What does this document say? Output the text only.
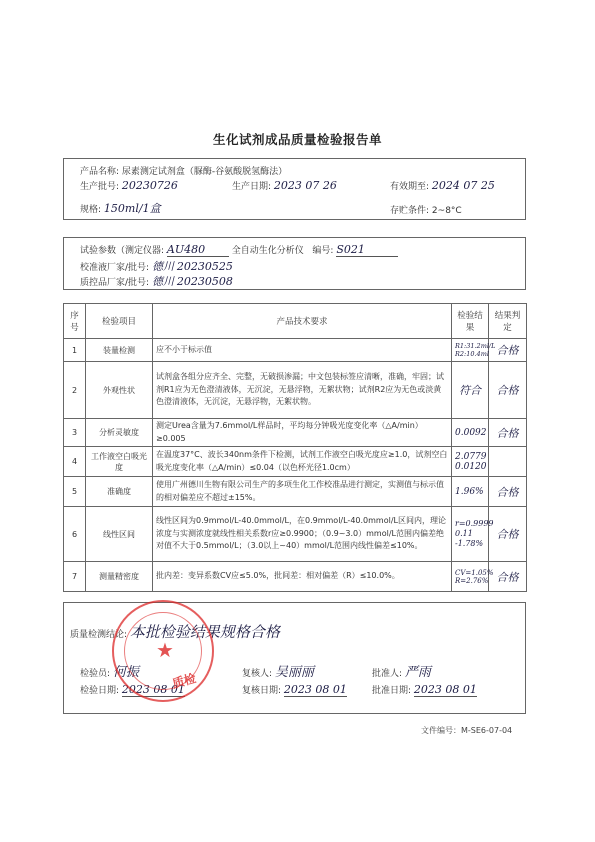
生化试剂成品质量检验报告单
产品名称: 尿素测定试剂盒（脲酶-谷氨酸脱氢酶法）
生产批号: 20230726	生产日期: 2023 07 26	有效期至: 2024 07 25
规格: 150ml/1盒	存贮条件: 2~8°C
试验参数（测定仪器: AU480	全自动生化分析仪 编号: S021
校准液厂家/批号: 德川 20230525
质控品厂家/批号: 德川 20230508
序号	检验项目	产品技术要求	检验结果	结果判定
1	装量检测	应不小于标示值	R1:31.2ml/L R2:10.4ml	合格
2	外观性状	试剂盒各组分应齐全、完整，无破损渗漏；中文包装标签应清晰，准确，牢固；试剂R1应为无色澄清液体，无沉淀，无悬浮物，无絮状物；试剂R2应为无色或淡黄色澄清液体，无沉淀，无悬浮物，无絮状物。	符合	合格
3	分析灵敏度	测定Urea含量为7.6mmol/L样品时，平均每分钟吸光度变化率（△A/min）≥0.005	0.0092	合格
4	工作液空白吸光度	在温度37°C、波长340nm条件下检测，试剂工作液空白吸光度应≥1.0，试剂空白吸光度变化率（△A/min）≤0.04（以色杯光径1.0cm）	2.0779 0.0120	
5	准确度	使用广州德川生物有限公司生产的多项生化工作校准品进行测定，实测值与标示值的相对偏差应不超过±15%。	1.96%	合格
6	线性区间	线性区间为0.9mmol/L-40.0mmol/L，在0.9mmol/L-40.0mmol/L区间内，理论浓度与实测浓度就线性相关系数r应≥0.9900；（0.9~3.0）mmol/L范围内偏差绝对值不大于0.5mmol/L；（3.0以上~40）mmol/L范围内线性偏差≤10%。	r=0.9999 0.11 -1.78%	合格
7	测量精密度	批内差：变异系数CV应≤5.0%，批间差：相对偏差（R）≤10.0%。	CV=1.05% R=2.76%	合格
质量检测结论: 本批检验结果规格合格
检验员: 何振	复核人: 吴丽丽	批准人: 严雨
检验日期: 2023 08 01	复核日期: 2023 08 01	批准日期: 2023 08 01
★
质检
文件编号：M-SE6-07-04
